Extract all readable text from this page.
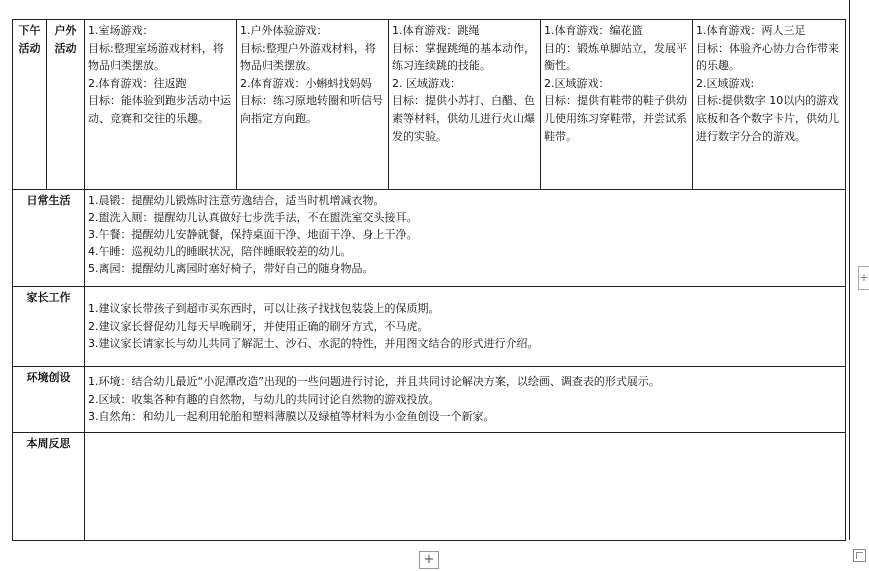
下午活动	户外活动	1.室场游戏：
目标:整理室场游戏材料，将物品归类摆放。
2.体育游戏：往返跑
目标：能体验到跑步活动中运动、竞赛和交往的乐趣。	1.户外体验游戏：
目标:整理户外游戏材料，将物品归类摆放。
2.体育游戏：小蝌蚪找妈妈
目标：练习原地转圈和听信号向指定方向跑。	1.体育游戏：跳绳
目标：掌握跳绳的基本动作，练习连续跳的技能。
2. 区域游戏：
目标：提供小苏打、白醋、色素等材料，供幼儿进行火山爆发的实验。	1.体育游戏：编花篮
目的：锻炼单脚站立，发展平衡性。
2.区域游戏：
目标：提供有鞋带的鞋子供幼儿使用练习穿鞋带，并尝试系鞋带。	1.体育游戏：两人三足
目标：体验齐心协力合作带来的乐趣。
2.区域游戏:
目标:提供数字 10以内的游戏底板和各个数字卡片，供幼儿进行数字分合的游戏。

日常生活		1.晨锻：提醒幼儿锻炼时注意劳逸结合，适当时机增减衣物。
2.盥洗入厕：提醒幼儿认真做好七步洗手法，不在盥洗室交头接耳。
3.午餐：提醒幼儿安静就餐，保持桌面干净、地面干净、身上干净。
4.午睡：巡视幼儿的睡眠状况，陪伴睡眠较差的幼儿。
5.离园：提醒幼儿离园时塞好椅子，带好自己的随身物品。				

家长工作		1.建议家长带孩子到超市买东西时，可以让孩子找找包装袋上的保质期。
2.建议家长督促幼儿每天早晚刷牙，并使用正确的刷牙方式，不马虎。
3.建议家长请家长与幼儿共同了解泥土、沙石、水泥的特性，并用图文结合的形式进行介绍。				

环境创设		1.环境：结合幼儿最近“小泥潭改造”出现的一些问题进行讨论，并且共同讨论解决方案，以绘画、调查表的形式展示。
2.区域：收集各种有趣的自然物，与幼儿的共同讨论自然物的游戏投放。
3.自然角：和幼儿一起利用轮胎和塑料薄膜以及绿植等材料为小金鱼创设一个新家。				

本周反思						
+
+
